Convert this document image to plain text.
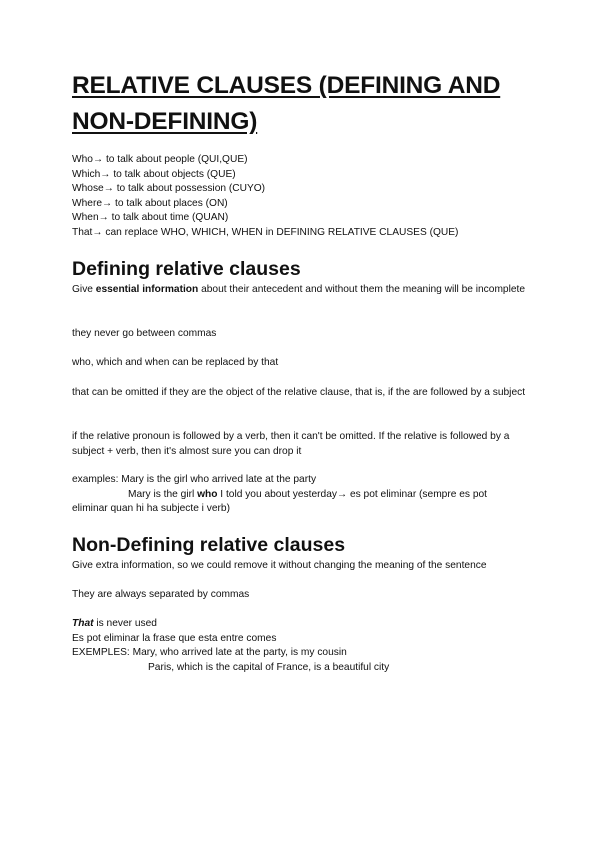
RELATIVE CLAUSES (DEFINING AND NON-DEFINING)
Who→ to talk about people (QUI,QUE)
Which→ to talk about objects (QUE)
Whose→ to talk about possession (CUYO)
Where→ to talk about places (ON)
When→ to talk about time (QUAN)
That→ can replace WHO, WHICH, WHEN in DEFINING RELATIVE CLAUSES (QUE)
Defining relative clauses
Give essential information about their antecedent and without them the meaning will be incomplete
they never go between commas
who, which and when can be replaced by that
that can be omitted if they are the object of the relative clause, that is, if the are followed by a subject
if the relative pronoun is followed by a verb, then it can't be omitted. If the relative is followed by a subject + verb, then it's almost sure you can drop it
examples: Mary is the girl who arrived late at the party
Mary is the girl who I told you about yesterday→ es pot eliminar (sempre es pot
eliminar quan hi ha subjecte i verb)
Non-Defining relative clauses
Give extra information, so we could remove it without changing the meaning of the sentence
They are always separated by commas
That is never used
Es pot eliminar la frase que esta entre comes
EXEMPLES: Mary, who arrived late at the party, is my cousin
Paris, which is the capital of France, is a beautiful city
